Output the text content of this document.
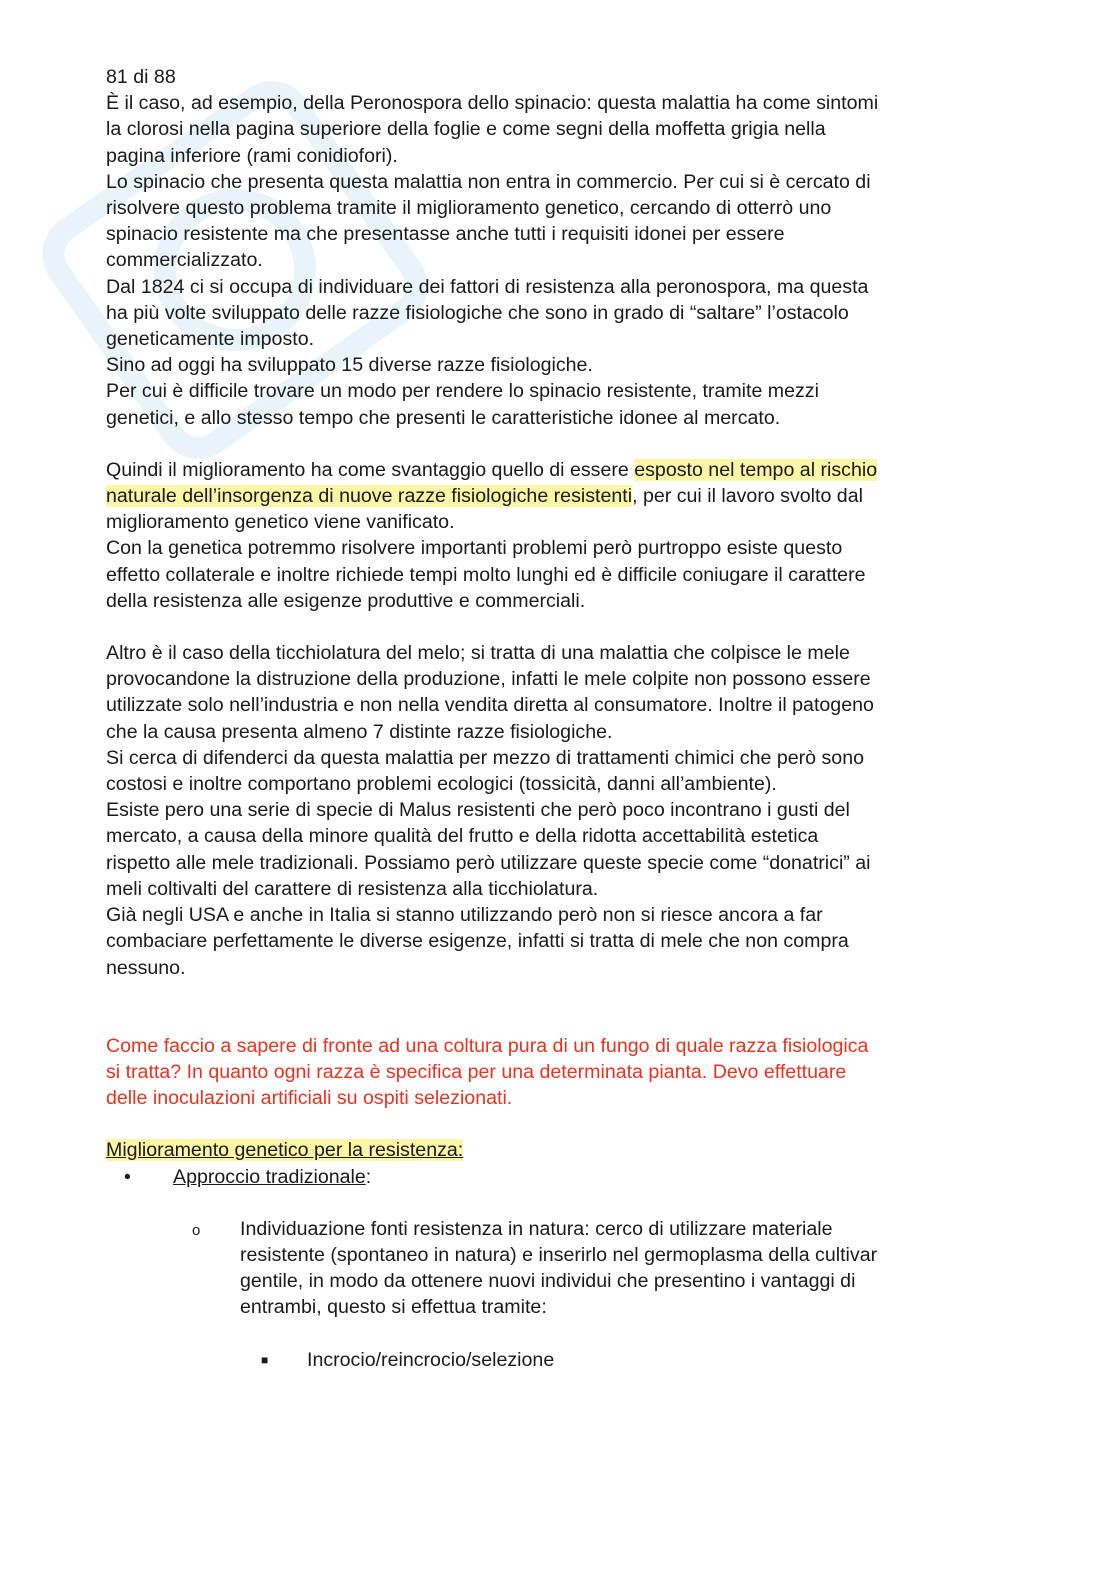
81 di 88

È il caso, ad esempio, della Peronospora dello spinacio: questa malattia ha come sintomi

la clorosi nella pagina superiore della foglie e come segni della moffetta grigia nella

pagina inferiore (rami conidiofori).

Lo spinacio che presenta questa malattia non entra in commercio. Per cui si è cercato di

risolvere questo problema tramite il miglioramento genetico, cercando di otterrò uno

spinacio resistente ma che presentasse anche tutti i requisiti idonei per essere

commercializzato.

Dal 1824 ci si occupa di individuare dei fattori di resistenza alla peronospora, ma questa

ha più volte sviluppato delle razze fisiologiche che sono in grado di “saltare” l’ostacolo

geneticamente imposto.

Sino ad oggi ha sviluppato 15 diverse razze fisiologiche.

Per cui è difficile trovare un modo per rendere lo spinacio resistente, tramite mezzi

genetici, e allo stesso tempo che presenti le caratteristiche idonee al mercato.

Quindi il miglioramento ha come svantaggio quello di essere esposto nel tempo al rischio

naturale dell’insorgenza di nuove razze fisiologiche resistenti, per cui il lavoro svolto dal

miglioramento genetico viene vanificato.

Con la genetica potremmo risolvere importanti problemi però purtroppo esiste questo

effetto collaterale e inoltre richiede tempi molto lunghi ed è difficile coniugare il carattere

della resistenza alle esigenze produttive e commerciali.

Altro è il caso della ticchiolatura del melo; si tratta di una malattia che colpisce le mele

provocandone la distruzione della produzione, infatti le mele colpite non possono essere

utilizzate solo nell’industria e non nella vendita diretta al consumatore. Inoltre il patogeno

che la causa presenta almeno 7 distinte razze fisiologiche.

Si cerca di difenderci da questa malattia per mezzo di trattamenti chimici che però sono

costosi e inoltre comportano problemi ecologici (tossicità, danni all’ambiente).

Esiste pero una serie di specie di Malus resistenti che però poco incontrano i gusti del

mercato, a causa della minore qualità del frutto e della ridotta accettabilità estetica

rispetto alle mele tradizionali. Possiamo però utilizzare queste specie come “donatrici” ai

meli coltivalti del carattere di resistenza alla ticchiolatura.

Già negli USA e anche in Italia si stanno utilizzando però non si riesce ancora a far

combaciare perfettamente le diverse esigenze, infatti si tratta di mele che non compra

nessuno.

Come faccio a sapere di fronte ad una coltura pura di un fungo di quale razza fisiologica

si tratta? In quanto ogni razza è specifica per una determinata pianta. Devo effettuare

delle inoculazioni artificiali su ospiti selezionati.

Miglioramento genetico per la resistenza:

• Approccio tradizionale:
o Individuazione fonti resistenza in natura: cerco di utilizzare materiale

resistente (spontaneo in natura) e inserirlo nel germoplasma della cultivar

gentile, in modo da ottenere nuovi individui che presentino i vantaggi di

entrambi, questo si effettua tramite:

■ Incrocio/reincrocio/selezione
